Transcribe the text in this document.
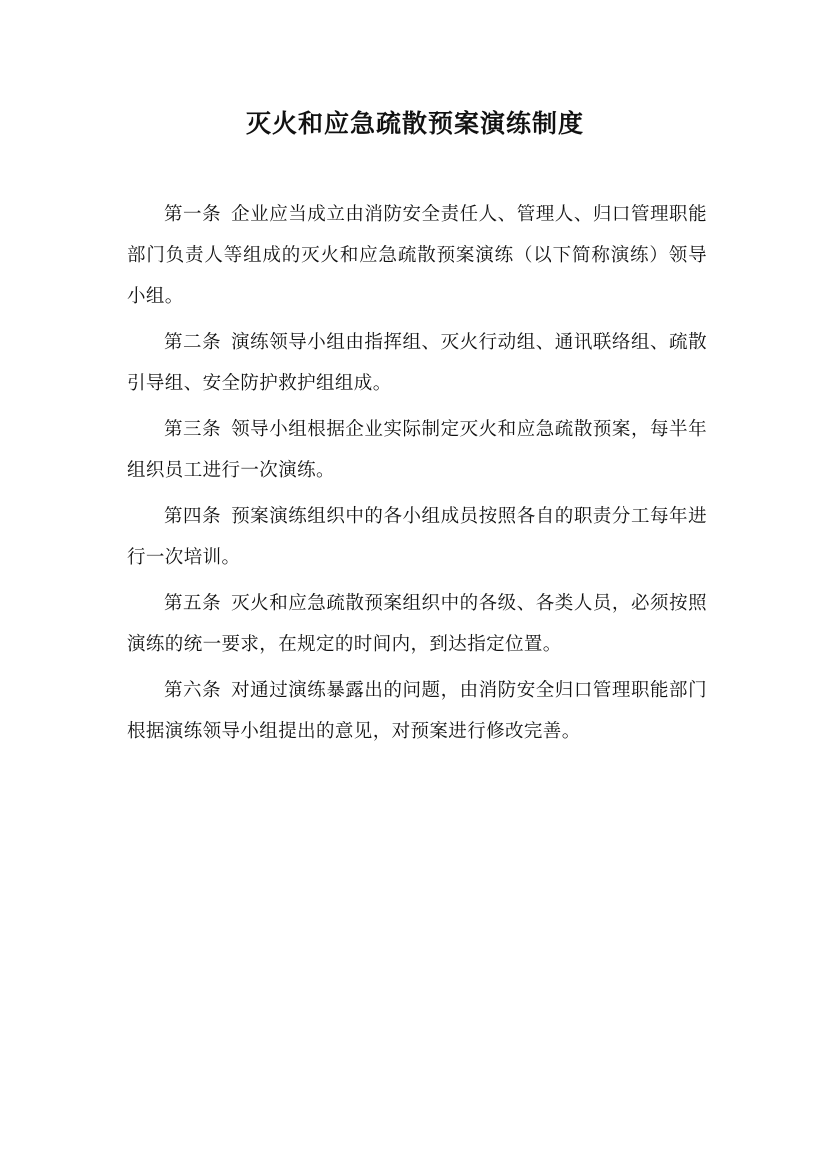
灭火和应急疏散预案演练制度

第一条 企业应当成立由消防安全责任人、管理人、归口管理职能部门负责人等组成的灭火和应急疏散预案演练（以下简称演练）领导小组。

第二条 演练领导小组由指挥组、灭火行动组、通讯联络组、疏散引导组、安全防护救护组组成。

第三条 领导小组根据企业实际制定灭火和应急疏散预案，每半年组织员工进行一次演练。

第四条 预案演练组织中的各小组成员按照各自的职责分工每年进行一次培训。

第五条 灭火和应急疏散预案组织中的各级、各类人员，必须按照演练的统一要求，在规定的时间内，到达指定位置。

第六条 对通过演练暴露出的问题，由消防安全归口管理职能部门根据演练领导小组提出的意见，对预案进行修改完善。
